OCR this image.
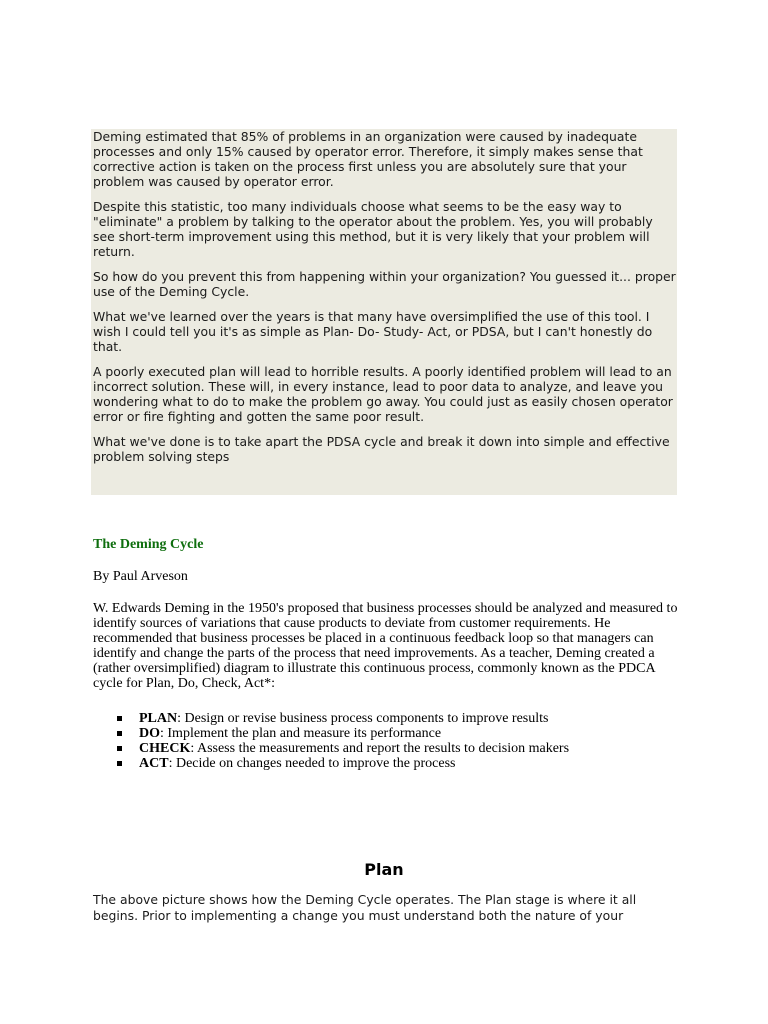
Deming estimated that 85% of problems in an organization were caused by inadequate processes and only 15% caused by operator error. Therefore, it simply makes sense that corrective action is taken on the process first unless you are absolutely sure that your problem was caused by operator error.

Despite this statistic, too many individuals choose what seems to be the easy way to "eliminate" a problem by talking to the operator about the problem. Yes, you will probably see short-term improvement using this method, but it is very likely that your problem will return.

So how do you prevent this from happening within your organization? You guessed it... proper use of the Deming Cycle.

What we've learned over the years is that many have oversimplified the use of this tool. I wish I could tell you it's as simple as Plan- Do- Study- Act, or PDSA, but I can't honestly do that.

A poorly executed plan will lead to horrible results. A poorly identified problem will lead to an incorrect solution. These will, in every instance, lead to poor data to analyze, and leave you wondering what to do to make the problem go away. You could just as easily chosen operator error or fire fighting and gotten the same poor result.

What we've done is to take apart the PDSA cycle and break it down into simple and effective problem solving steps

The Deming Cycle
By Paul Arveson

W. Edwards Deming in the 1950's proposed that business processes should be analyzed and measured to identify sources of variations that cause products to deviate from customer requirements. He recommended that business processes be placed in a continuous feedback loop so that managers can identify and change the parts of the process that need improvements. As a teacher, Deming created a (rather oversimplified) diagram to illustrate this continuous process, commonly known as the PDCA cycle for Plan, Do, Check, Act*:

PLAN: Design or revise business process components to improve results
DO: Implement the plan and measure its performance
CHECK: Assess the measurements and report the results to decision makers
ACT: Decide on changes needed to improve the process
Plan

The above picture shows how the Deming Cycle operates. The Plan stage is where it all begins. Prior to implementing a change you must understand both the nature of your
